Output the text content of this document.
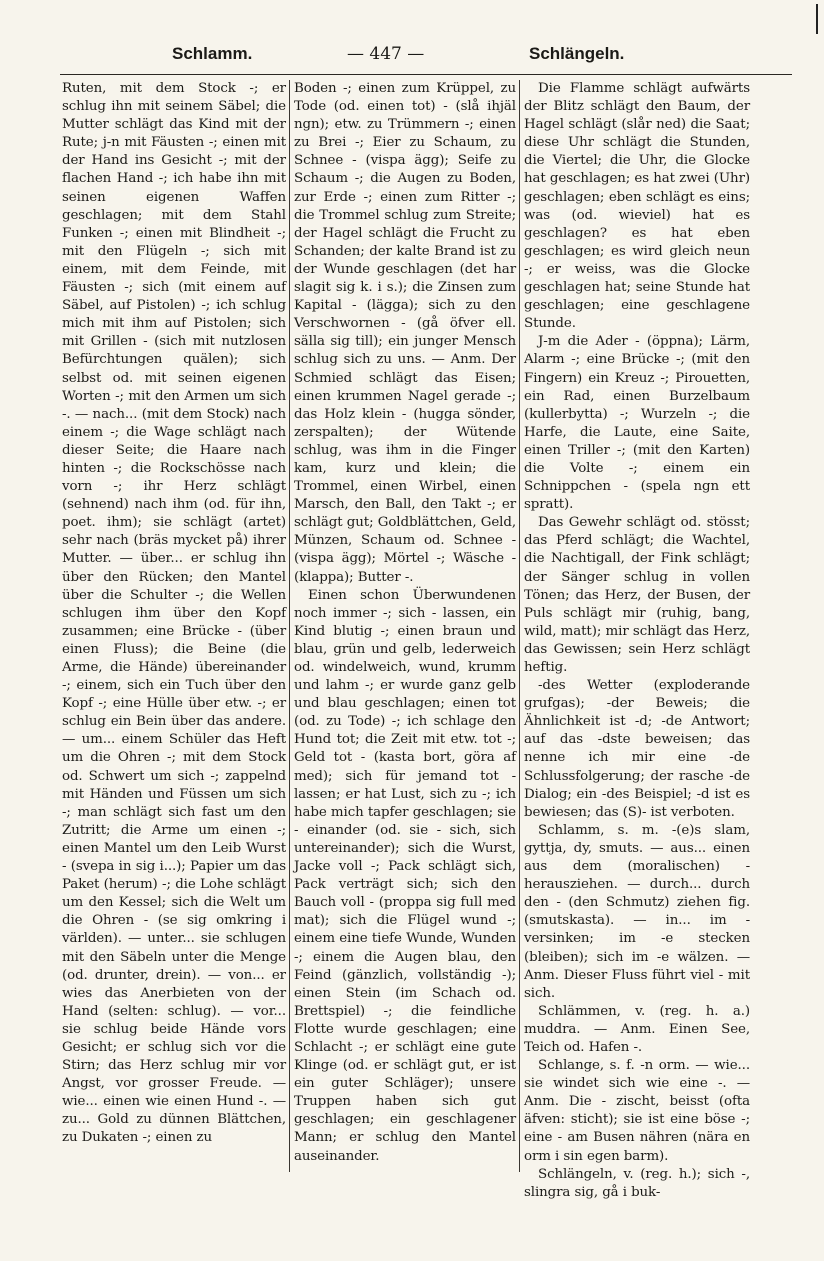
Schlamm.	— 447 —	Schlängeln.

Ruten, mit dem Stock -; er schlug ihn mit seinem Säbel; die Mutter schlägt das Kind mit der Rute; j-n mit Fäusten -; einen mit der Hand ins Gesicht -; mit der flachen Hand -; ich habe ihn mit seinen eigenen Waffen geschlagen; mit dem Stahl Funken -; einen mit Blindheit -; mit den Flügeln -; sich mit einem, mit dem Feinde, mit Fäusten -; sich (mit einem auf Säbel, auf Pistolen) -; ich schlug mich mit ihm auf Pistolen; sich mit Grillen - (sich mit nutzlosen Befürchtungen quälen); sich selbst od. mit seinen eigenen Worten -; mit den Armen um sich -. — nach... (mit dem Stock) nach einem -; die Wage schlägt nach dieser Seite; die Haare nach hinten -; die Rockschösse nach vorn -; ihr Herz schlägt (sehnend) nach ihm (od. für ihn, poet. ihm); sie schlägt (artet) sehr nach (bräs mycket på) ihrer Mutter. — über... er schlug ihn über den Rücken; den Mantel über die Schulter -; die Wellen schlugen ihm über den Kopf zusammen; eine Brücke - (über einen Fluss); die Beine (die Arme, die Hände) übereinander -; einem, sich ein Tuch über den Kopf -; eine Hülle über etw. -; er schlug ein Bein über das andere. — um... einem Schüler das Heft um die Ohren -; mit dem Stock od. Schwert um sich -; zappelnd mit Händen und Füssen um sich -; man schlägt sich fast um den Zutritt; die Arme um einen -; einen Mantel um den Leib Wurst - (svepa in sig i...); Papier um das Paket (herum) -; die Lohe schlägt um den Kessel; sich die Welt um die Ohren - (se sig omkring i världen). — unter... sie schlugen mit den Säbeln unter die Menge (od. drunter, drein). — von... er wies das Anerbieten von der Hand (selten: schlug). — vor... sie schlug beide Hände vors Gesicht; er schlug sich vor die Stirn; das Herz schlug mir vor Angst, vor grosser Freude. — wie... einen wie einen Hund -. — zu... Gold zu dünnen Blättchen, zu Dukaten -; einen zu

Boden -; einen zum Krüppel, zu Tode (od. einen tot) - (slå ihjäl ngn); etw. zu Trümmern -; einen zu Brei -; Eier zu Schaum, zu Schnee - (vispa ägg); Seife zu Schaum -; die Augen zu Boden, zur Erde -; einen zum Ritter -; die Trommel schlug zum Streite; der Hagel schlägt die Frucht zu Schanden; der kalte Brand ist zu der Wunde geschlagen (det har slagit sig k. i s.); die Zinsen zum Kapital - (lägga); sich zu den Verschwornen - (gå öfver ell. sälla sig till); ein junger Mensch schlug sich zu uns. — Anm. Der Schmied schlägt das Eisen; einen krummen Nagel gerade -; das Holz klein - (hugga sönder, zerspalten); der Wütende schlug, was ihm in die Finger kam, kurz und klein; die Trommel, einen Wirbel, einen Marsch, den Ball, den Takt -; er schlägt gut; Goldblättchen, Geld, Münzen, Schaum od. Schnee - (vispa ägg); Mörtel -; Wäsche - (klappa); Butter -.

Einen schon Überwundenen noch immer -; sich - lassen, ein Kind blutig -; einen braun und blau, grün und gelb, lederweich od. windelweich, wund, krumm und lahm -; er wurde ganz gelb und blau geschlagen; einen tot (od. zu Tode) -; ich schlage den Hund tot; die Zeit mit etw. tot -; Geld tot - (kasta bort, göra af med); sich für jemand tot - lassen; er hat Lust, sich zu -; ich habe mich tapfer geschlagen; sie - einander (od. sie - sich, sich untereinander); sich die Wurst, Jacke voll -; Pack schlägt sich, Pack verträgt sich; sich den Bauch voll - (proppa sig full med mat); sich die Flügel wund -; einem eine tiefe Wunde, Wunden -; einem die Augen blau, den Feind (gänzlich, vollständig -); einen Stein (im Schach od. Brettspiel) -; die feindliche Flotte wurde geschlagen; eine Schlacht -; er schlägt eine gute Klinge (od. er schlägt gut, er ist ein guter Schläger); unsere Truppen haben sich gut geschlagen; ein geschlagener Mann; er schlug den Mantel auseinander.

Die Flamme schlägt aufwärts der Blitz schlägt den Baum, der Hagel schlägt (slår ned) die Saat; diese Uhr schlägt die Stunden, die Viertel; die Uhr, die Glocke hat geschlagen; es hat zwei (Uhr) geschlagen; eben schlägt es eins; was (od. wieviel) hat es geschlagen? es hat eben geschlagen; es wird gleich neun -; er weiss, was die Glocke geschlagen hat; seine Stunde hat geschlagen; eine geschlagene Stunde.

J-m die Ader - (öppna); Lärm, Alarm -; eine Brücke -; (mit den Fingern) ein Kreuz -; Pirouetten, ein Rad, einen Burzelbaum (kullerbytta) -; Wurzeln -; die Harfe, die Laute, eine Saite, einen Triller -; (mit den Karten) die Volte -; einem ein Schnippchen - (spela ngn ett spratt).

Das Gewehr schlägt od. stösst; das Pferd schlägt; die Wachtel, die Nachtigall, der Fink schlägt; der Sänger schlug in vollen Tönen; das Herz, der Busen, der Puls schlägt mir (ruhig, bang, wild, matt); mir schlägt das Herz, das Gewissen; sein Herz schlägt heftig.

-des Wetter (exploderande grufgas); -der Beweis; die Ähnlichkeit ist -d; -de Antwort; auf das -dste beweisen; das nenne ich mir eine -de Schlussfolgerung; der rasche -de Dialog; ein -des Beispiel; -d ist es bewiesen; das (S)- ist verboten.

Schlamm, s. m. -(e)s slam, gyttja, dy, smuts. — aus... einen aus dem (moralischen) - herausziehen. — durch... durch den - (den Schmutz) ziehen fig. (smutskasta). — in... im - versinken; im -e stecken (bleiben); sich im -e wälzen. — Anm. Dieser Fluss führt viel - mit sich.

Schlämmen, v. (reg. h. a.) muddra. — Anm. Einen See, Teich od. Hafen -.

Schlange, s. f. -n orm. — wie... sie windet sich wie eine -. — Anm. Die - zischt, beisst (ofta äfven: sticht); sie ist eine böse -; eine - am Busen nähren (nära en orm i sin egen barm).

Schlängeln, v. (reg. h.); sich -, slingra sig, gå i buk-
